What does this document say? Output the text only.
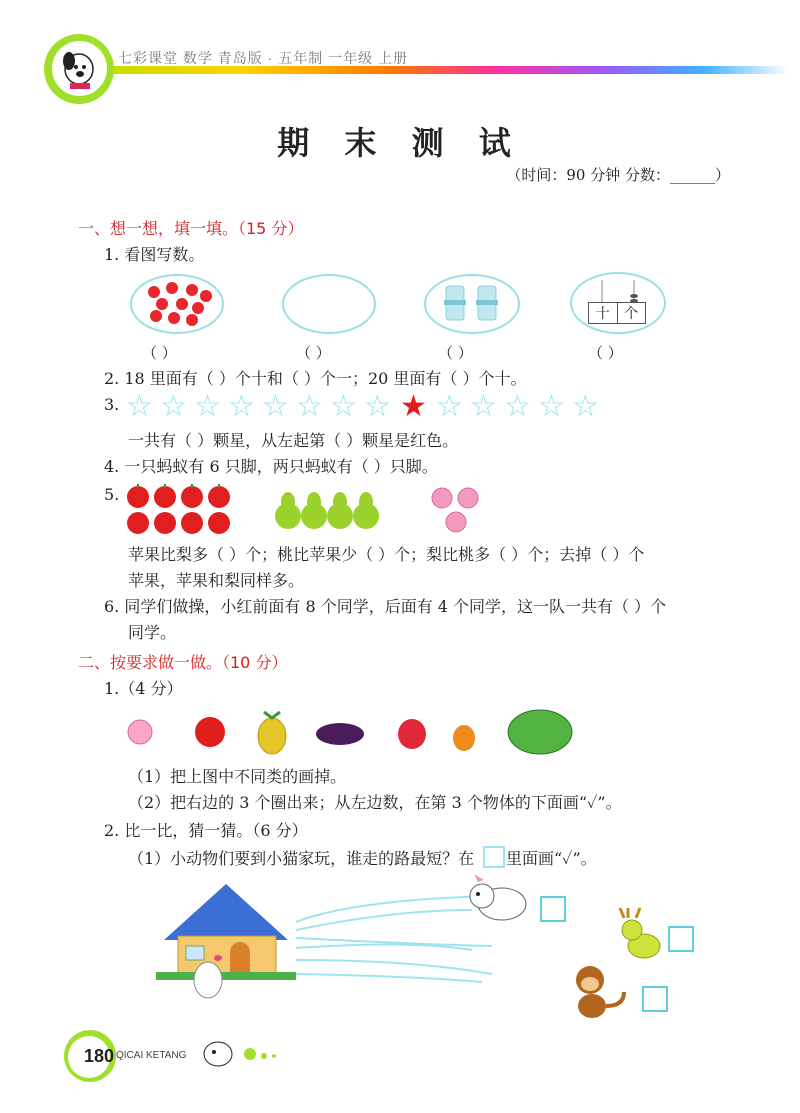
七彩课堂 数学 青岛版 · 五年制 一年级 上册
期 末 测 试
（时间：90 分钟 分数：______）
一、想一想，填一填。（15 分）
1. 看图写数。
十	个
（ ）	（ ）	（ ）	（ ）
2. 18 里面有（ ）个十和（ ）个一；20 里面有（ ）个十。
3. ☆ ☆ ☆ ☆ ☆ ☆ ☆ ☆ ★ ☆ ☆ ☆ ☆ ☆
一共有（ ）颗星，从左起第（ ）颗星是红色。
4. 一只蚂蚁有 6 只脚，两只蚂蚁有（ ）只脚。
5.
苹果比梨多（ ）个；桃比苹果少（ ）个；梨比桃多（ ）个；去掉（ ）个
苹果，苹果和梨同样多。
6. 同学们做操，小红前面有 8 个同学，后面有 4 个同学，这一队一共有（ ）个
同学。
二、按要求做一做。（10 分）
1.（4 分）
（1）把上图中不同类的画掉。
（2）把右边的 3 个圈出来；从左边数，在第 3 个物体的下面画“✓”。
2. 比一比，猜一猜。（6 分）
（1）小动物们要到小猫家玩，谁走的路最短？在 里面画“✓”。
180 QICAI KETANG
